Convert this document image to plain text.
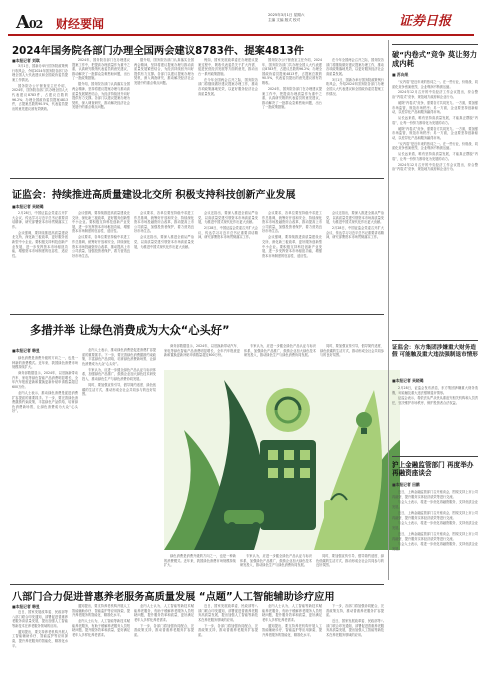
A02 财经要闻
2025年3月1日 星期六
主编 文编 版式 校对	证券日报
2024年国务院各部门办理全国两会建议8783件、提案4813件
■本报记者 刘琪

3月1日，国新办举行国务院政策例行吹风会，介绍2024年国务院各部门办理全国人大代表建议和全国政协委员提案工作情况。

国务院办公厅督查室主任介绍，2024年，国务院各部门共办理全国人大代表建议8783件，占建议总数的96.2%；办理全国政协委员提案4813件，占提案总数的90.5%，代表委员提出的意见建议被有效吸收。

2024年，国务院各部门在办理建议提案工作中，把提高办理质量作为重中之重，认真研究吸纳代表委员的意见建议，推动解决了一批群众急难愁盼问题，出台了一批政策措施。

据介绍，国务院各部门认真落实全国两会精神，坚持将建议提案办理与推动高质量发展紧密结合，为经济持续回升向好提供有力支撑。各部门以建议提案办理为契机，深入调查研究，推动解决经济社会发展中的重点难点问题。

据介绍，国务院各部门认真落实全国两会精神，坚持将建议提案办理与推动高质量发展紧密结合，为经济持续回升向好提供有力支撑。各部门以建议提案办理为契机，深入调查研究，推动解决经济社会发展中的重点难点问题。

例如，国家发展改革委在办理建议提案过程中，吸收代表委员关于扩大内需、促进民营经济发展等方面的意见，推动出台一系列政策措施。

在今年全国两会召开之际，国务院各部门将继续做好建议提案办理工作，推动各项政策落地见效，以更好服务经济社会高质量发展。

国务院办公厅督查室主任介绍，2024年，国务院各部门共办理全国人大代表建议8783件，占建议总数的96.2%；办理全国政协委员提案4813件，占提案总数的90.5%，代表委员提出的意见建议被有效吸收。

2024年，国务院各部门在办理建议提案工作中，把提高办理质量作为重中之重，认真研究吸纳代表委员的意见建议，推动解决了一批群众急难愁盼问题，出台了一批政策措施。

在今年全国两会召开之际，国务院各部门将继续做好建议提案办理工作，推动各项政策落地见效，以更好服务经济社会高质量发展。

3月1日，国新办举行国务院政策例行吹风会，介绍2024年国务院各部门办理全国人大代表建议和全国政协委员提案工作情况。

证监会：持续推进高质量建设北交所 积极支持科技创新产业发展
■本报记者 吴晓璐

2月28日，中国证监会党委召开扩大会议，传达学习习近平总书记重要讲话精神，研究部署资本市场贯彻落实工作。

会议强调，要持续推进高质量建设北交所，深化新三板改革，更好服务创新型中小企业。要积极支持科技创新产业发展，进一步发挥资本市场枢纽功能，增强资本市场制度的包容性、适应性。

会议强调，要持续推进高质量建设北交所，深化新三板改革，更好服务创新型中小企业。要积极支持科技创新产业发展，进一步发挥资本市场枢纽功能，增强资本市场制度的包容性、适应性。

会议要求，各单位要坚持稳中求进工作总基调，统筹好开放和安全，持续深化资本市场投融资综合改革，推动提高上市公司质量，加强投资者保护，着力营造良好市场生态。

会议要求，各单位要坚持稳中求进工作总基调，统筹好开放和安全，持续深化资本市场投融资综合改革，推动提高上市公司质量，加强投资者保护，着力营造良好市场生态。

会议还指出，要深入推进全面从严治党，以高质量党建引领资本市场高质量发展，为推进中国式现代化作出更大贡献。

会议还指出，要深入推进全面从严治党，以高质量党建引领资本市场高质量发展，为推进中国式现代化作出更大贡献。

2月28日，中国证监会党委召开扩大会议，传达学习习近平总书记重要讲话精神，研究部署资本市场贯彻落实工作。

会议要求，各单位要坚持稳中求进工作总基调，统筹好开放和安全，持续深化资本市场投融资综合改革，推动提高上市公司质量，加强投资者保护，着力营造良好市场生态。

会议强调，要持续推进高质量建设北交所，深化新三板改革，更好服务创新型中小企业。要积极支持科技创新产业发展，进一步发挥资本市场枢纽功能，增强资本市场制度的包容性、适应性。

会议还指出，要深入推进全面从严治党，以高质量党建引领资本市场高质量发展，为推进中国式现代化作出更大贡献。

2月28日，中国证监会党委召开扩大会议，传达学习习近平总书记重要讲话精神，研究部署资本市场贯彻落实工作。

多措并举 让绿色消费成为大众“心头好”
■本报记者 韩昱

绿色消费是消费升级的方向之一，也是一种新的消费模式。近年来，我国绿色消费市场规模持续扩大。

商务部数据显示，2024年，以旧换新带动汽车、家电等绿色智能产品消费明显增长，全年汽车报废更新和置换更新补贴申请数量超过600万份。

业内人士表示，推动绿色消费是促进消费扩容提质的重要抓手。下一步，要完善绿色消费激励约束政策，丰富绿色产品供给，培育绿色消费新场景，让绿色消费成为大众“心头好”。

业内人士表示，推动绿色消费是促进消费扩容提质的重要抓手。下一步，要完善绿色消费激励约束政策，丰富绿色产品供给，培育绿色消费新场景，让绿色消费成为大众“心头好”。

专家认为，应进一步健全绿色产品认证与标识体系，加强绿色产品推广，鼓励企业加大绿色技术研发投入，推动绿色生产与绿色消费协同发展。

同时，要加强宣传引导，倡导简约适度、绿色低碳的生活方式，推动形成全社会共同参与的良好氛围。

商务部数据显示，2024年，以旧换新带动汽车、家电等绿色智能产品消费明显增长，全年汽车报废更新和置换更新补贴申请数量超过600万份。

专家认为，应进一步健全绿色产品认证与标识体系，加强绿色产品推广，鼓励企业加大绿色技术研发投入，推动绿色生产与绿色消费协同发展。

同时，要加强宣传引导，倡导简约适度、绿色低碳的生活方式，推动形成全社会共同参与的良好氛围。

绿色消费是消费升级的方向之一，也是一种新的消费模式。近年来，我国绿色消费市场规模持续扩大。

专家认为，应进一步健全绿色产品认证与标识体系，加强绿色产品推广，鼓励企业加大绿色技术研发投入，推动绿色生产与绿色消费协同发展。

同时，要加强宣传引导，倡导简约适度、绿色低碳的生活方式，推动形成全社会共同参与的良好氛围。

八部门合力促进普惠养老服务高质量发展 “点题”人工智能辅助诊疗应用
■本报记者 韩昱

近日，国家发展改革委、民政部等八部门联合印发通知，部署促进普惠养老服务高质量发展，提出加强人工智能等新技术在养老服务领域的应用。

通知提出，要支持养老机构开展人工智能辅助诊疗、智能监护等应用探索，提升养老服务的智能化、精准化水平。

通知提出，要支持养老机构开展人工智能辅助诊疗、智能监护等应用探索，提升养老服务的智能化、精准化水平。

业内人士认为，人工智能等新技术赋能养老服务，有助于缓解养老服务人员短缺问题，提升服务效率和质量，更好满足老年人多样化养老需求。

业内人士认为，人工智能等新技术赋能养老服务，有助于缓解养老服务人员短缺问题，提升服务效率和质量，更好满足老年人多样化养老需求。

下一步，各部门将加强协同配合，完善政策支持，推动普惠养老服务扩容提质。

近日，国家发展改革委、民政部等八部门联合印发通知，部署促进普惠养老服务高质量发展，提出加强人工智能等新技术在养老服务领域的应用。

下一步，各部门将加强协同配合，完善政策支持，推动普惠养老服务扩容提质。

业内人士认为，人工智能等新技术赋能养老服务，有助于缓解养老服务人员短缺问题，提升服务效率和质量，更好满足老年人多样化养老需求。

通知提出，要支持养老机构开展人工智能辅助诊疗、智能监护等应用探索，提升养老服务的智能化、精准化水平。

下一步，各部门将加强协同配合，完善政策支持，推动普惠养老服务扩容提质。

近日，国家发展改革委、民政部等八部门联合印发通知，部署促进普惠养老服务高质量发展，提出加强人工智能等新技术在养老服务领域的应用。

破“内卷式”竞争 莫让努力成内耗
■ 苏向杲

“反内卷”是近年来的热词之一。在一些行业，价格战、同质化竞争愈演愈烈，企业利润不断被压缩。

2024年12月召开的中央经济工作会议提出，综合整治“内卷式”竞争，规范地方政府和企业行为。

破除“内卷式”竞争，需要各方共同发力。一方面，要加强市场监管，规范市场秩序；另一方面，企业要坚持创新驱动，以差异化产品和服务赢得市场。

从长远来看，唯有坚持高质量发展，才能真正摆脱“内卷”，让每一份努力都转化为发展的动力。

破除“内卷式”竞争，需要各方共同发力。一方面，要加强市场监管，规范市场秩序；另一方面，企业要坚持创新驱动，以差异化产品和服务赢得市场。

“反内卷”是近年来的热词之一。在一些行业，价格战、同质化竞争愈演愈烈，企业利润不断被压缩。

从长远来看，唯有坚持高质量发展，才能真正摆脱“内卷”，让每一份努力都转化为发展的动力。

2024年12月召开的中央经济工作会议提出，综合整治“内卷式”竞争，规范地方政府和企业行为。

证监会：东方集团涉嫌重大财务造假 可能触及重大违法强制退市情形
■本报记者 吴晓璐

2月28日，证监会发布消息，东方集团涉嫌重大财务造假，可能触及重大违法强制退市情形。

证监会表示，将依法从严从快从重追究相关机构和人员责任，坚决维护市场秩序，保护投资者合法权益。

沪上金融监管部门 再度举办再融资座谈会
■本报记者 田鹏

近日，上海金融监管部门召开座谈会，围绕支持上市公司再融资、提升服务实体经济质效等进行交流。

与会人士表示，将进一步优化再融资服务，支持优质企业发展。

近日，上海金融监管部门召开座谈会，围绕支持上市公司再融资、提升服务实体经济质效等进行交流。

与会人士表示，将进一步优化再融资服务，支持优质企业发展。

近日，上海金融监管部门召开座谈会，围绕支持上市公司再融资、提升服务实体经济质效等进行交流。

与会人士表示，将进一步优化再融资服务，支持优质企业发展。
